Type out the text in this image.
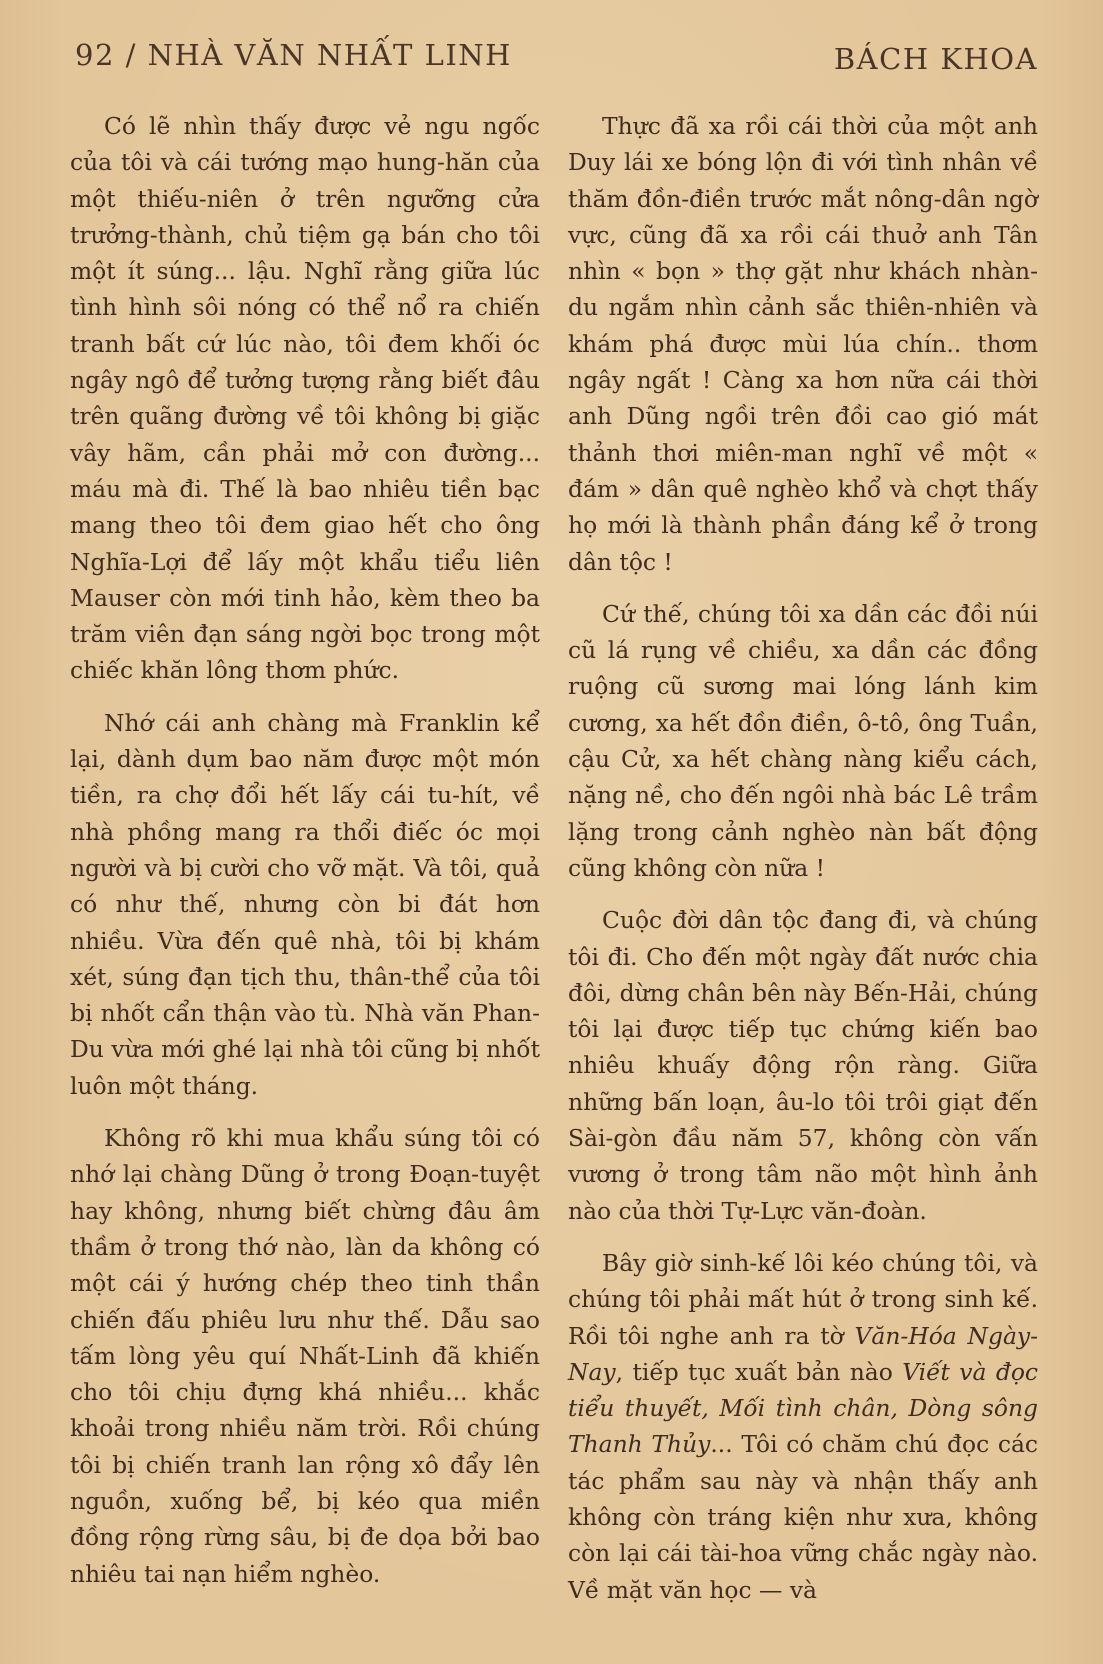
92 / NHÀ VĂN NHẤT LINH	BÁCH KHOA

Có lẽ nhìn thấy được vẻ ngu ngốc của tôi và cái tướng mạo hung-hăn của một thiếu-niên ở trên ngưỡng cửa trưởng-thành, chủ tiệm gạ bán cho tôi một ít súng... lậu. Nghĩ rằng giữa lúc tình hình sôi nóng có thể nổ ra chiến tranh bất cứ lúc nào, tôi đem khối óc ngây ngô để tưởng tượng rằng biết đâu trên quãng đường về tôi không bị giặc vây hãm, cần phải mở con đường... máu mà đi. Thế là bao nhiêu tiền bạc mang theo tôi đem giao hết cho ông Nghĩa-Lợi để lấy một khẩu tiểu liên Mauser còn mới tinh hảo, kèm theo ba trăm viên đạn sáng ngời bọc trong một chiếc khăn lông thơm phức.

Nhớ cái anh chàng mà Franklin kể lại, dành dụm bao năm được một món tiền, ra chợ đổi hết lấy cái tu-hít, về nhà phồng mang ra thổi điếc óc mọi người và bị cười cho vỡ mặt. Và tôi, quả có như thế, nhưng còn bi đát hơn nhiều. Vừa đến quê nhà, tôi bị khám xét, súng đạn tịch thu, thân-thể của tôi bị nhốt cẩn thận vào tù. Nhà văn Phan-Du vừa mới ghé lại nhà tôi cũng bị nhốt luôn một tháng.

Không rõ khi mua khẩu súng tôi có nhớ lại chàng Dũng ở trong Đoạn-tuyệt hay không, nhưng biết chừng đâu âm thầm ở trong thớ nào, làn da không có một cái ý hướng chép theo tinh thần chiến đấu phiêu lưu như thế. Dẫu sao tấm lòng yêu quí Nhất-Linh đã khiến cho tôi chịu đựng khá nhiều... khắc khoải trong nhiều năm trời. Rồi chúng tôi bị chiến tranh lan rộng xô đẩy lên nguồn, xuống bể, bị kéo qua miền đồng rộng rừng sâu, bị đe dọa bởi bao nhiêu tai nạn hiểm nghèo.

Thực đã xa rồi cái thời của một anh Duy lái xe bóng lộn đi với tình nhân về thăm đồn-điền trước mắt nông-dân ngờ vực, cũng đã xa rồi cái thuở anh Tân nhìn « bọn » thợ gặt như khách nhàn-du ngắm nhìn cảnh sắc thiên-nhiên và khám phá được mùi lúa chín.. thơm ngây ngất ! Càng xa hơn nữa cái thời anh Dũng ngồi trên đồi cao gió mát thảnh thơi miên-man nghĩ về một « đám » dân quê nghèo khổ và chợt thấy họ mới là thành phần đáng kể ở trong dân tộc !

Cứ thế, chúng tôi xa dần các đồi núi cũ lá rụng về chiều, xa dần các đồng ruộng cũ sương mai lóng lánh kim cương, xa hết đồn điền, ô-tô, ông Tuần, cậu Cử, xa hết chàng nàng kiểu cách, nặng nề, cho đến ngôi nhà bác Lê trầm lặng trong cảnh nghèo nàn bất động cũng không còn nữa !

Cuộc đời dân tộc đang đi, và chúng tôi đi. Cho đến một ngày đất nước chia đôi, dừng chân bên này Bến-Hải, chúng tôi lại được tiếp tục chứng kiến bao nhiêu khuấy động rộn ràng. Giữa những bấn loạn, âu-lo tôi trôi giạt đến Sài-gòn đầu năm 57, không còn vấn vương ở trong tâm não một hình ảnh nào của thời Tự-Lực văn-đoàn.

Bây giờ sinh-kế lôi kéo chúng tôi, và chúng tôi phải mất hút ở trong sinh kế. Rồi tôi nghe anh ra tờ Văn-Hóa Ngày-Nay, tiếp tục xuất bản nào Viết và đọc tiểu thuyết, Mối tình chân, Dòng sông Thanh Thủy... Tôi có chăm chú đọc các tác phẩm sau này và nhận thấy anh không còn tráng kiện như xưa, không còn lại cái tài-hoa vững chắc ngày nào. Về mặt văn học — và
